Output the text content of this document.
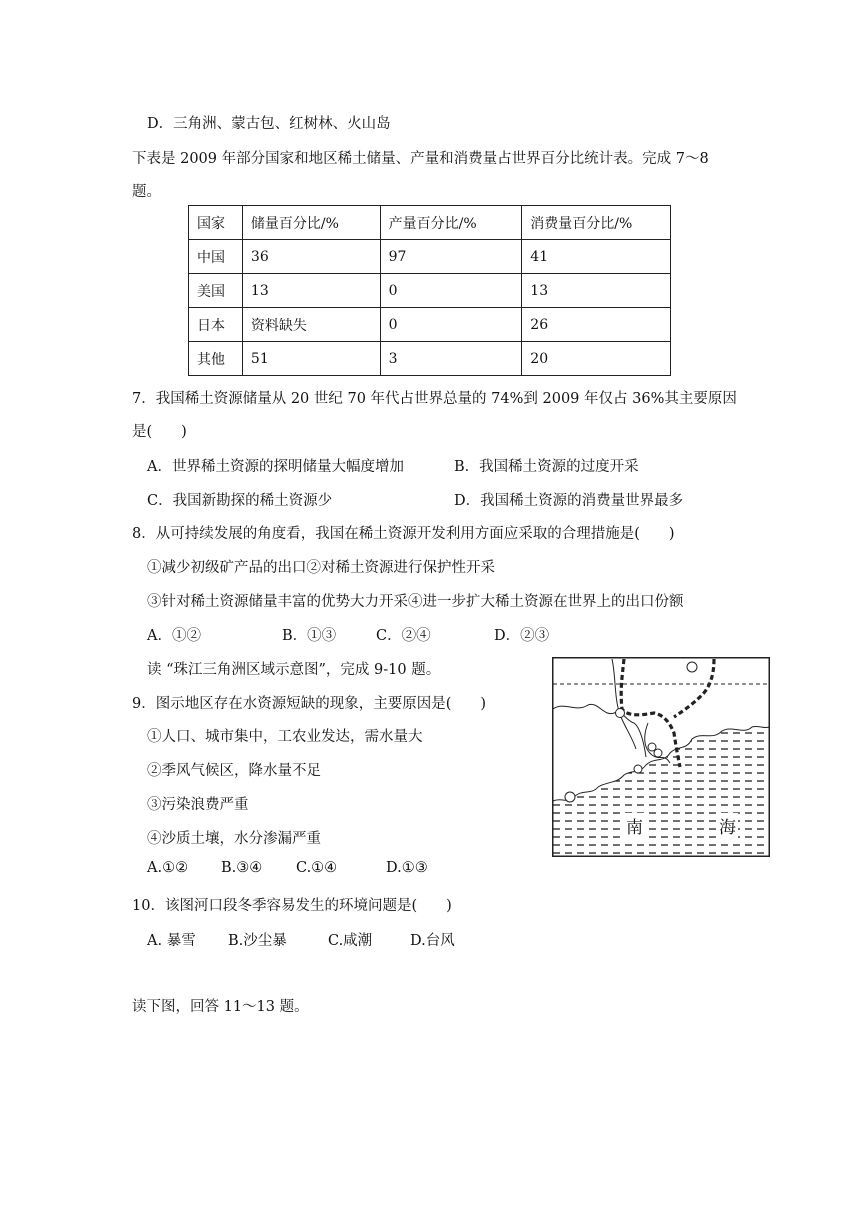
D．三角洲、蒙古包、红树林、火山岛
下表是 2009 年部分国家和地区稀土储量、产量和消费量占世界百分比统计表。完成 7～8
题。
国家	储量百分比/%	产量百分比/%	消费量百分比/%
中国	36	97	41
美国	13	0	13
日本	资料缺失	0	26
其他	51	3	20
7．我国稀土资源储量从 20 世纪 70 年代占世界总量的 74%到 2009 年仅占 36%其主要原因
是(　　)
A．世界稀土资源的探明储量大幅度增加	B．我国稀土资源的过度开采
C．我国新勘探的稀土资源少	D．我国稀土资源的消费量世界最多
8．从可持续发展的角度看，我国在稀土资源开发利用方面应采取的合理措施是(　　)
①减少初级矿产品的出口②对稀土资源进行保护性开采
③针对稀土资源储量丰富的优势大力开采④进一步扩大稀土资源在世界上的出口份额
A．①②	B．①③	C．②④	D．②③
读 “珠江三角洲区域示意图”，完成 9-10 题。
9．图示地区存在水资源短缺的现象，主要原因是(　　)
①人口、城市集中，工农业发达，需水量大
②季风气候区，降水量不足
③污染浪费严重
④沙质土壤，水分渗漏严重
A.①② B.③④ C.①④	D.①③
10．该图河口段冬季容易发生的环境问题是(　　)
A. 暴雪 B.沙尘暴	C.咸潮	D.台风
读下图，回答 11～13 题。
南	海
